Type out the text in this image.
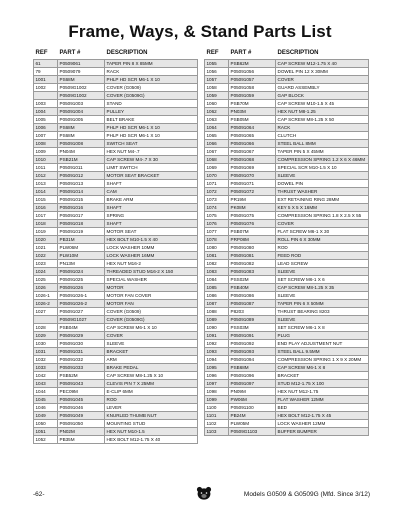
Frame, Ways, & Stand Parts List
REF	PART #	DESCRIPTION
61	P0509061	TAPER PIN 8 X 85MM
79	P0509079	RACK
1001	PS68M	PHLP HD SCR M6-1 X 10
1002	P0509G1002	COVER (G0509)
	P0509G1002	COVER (G0509G)
1003	P05091003	STAND
1004	P05091004	PULLEY
1005	P05091005	BELT BRAKE
1006	PS68M	PHLP HD SCR M6-1 X 10
1007	PS68M	PHLP HD SCR M6-1 X 10
1008	P05091008	SWITCH SEAT
1009	PN04M	HEX NUT M4-.7
1010	PSB21M	CAP SCREW M4-.7 X 30
1011	P05091011	LIMIT SWITCH
1012	P05091012	MOTOR SEAT BRACKET
1013	P05091013	SHAFT
1014	P05091014	CAM
1015	P05091015	BRAKE ARM
1016	P05091016	SHAFT
1017	P05091017	SPRING
1018	P05091018	SHAFT
1019	P05091019	MOTOR SEAT
1020	PB31M	HEX BOLT M10-1.5 X 40
1021	PLW06M	LOCK WASHER 10MM
1022	PLW10M	LOCK WASHER 16MM
1023	PN13M	HEX NUT M16-2
1024	P05091024	THREADED STUD M16-2 X 150
1025	P05091025	SPECIAL WASHER
1026	P05091026	MOTOR
1026-1	P05091026-1	MOTOR FAN COVER
1026-2	P05091026-2	MOTOR FAN
1027	P05091027	COVER (G0509)
	P0509G1027	COVER (G0509G)
1028	PSB04M	CAP SCREW M6-1 X 10
1029	P05091029	COVER
1030	P05091030	SLEEVE
1031	P05091031	BRACKET
1032	P05091032	ARM
1033	P05091033	BRAKE PEDAL
1042	PSB52M	CAP SCREW M8-1.25 X 10
1043	P05091043	CLEVIS PIN 7 X 25MM
1044	PEC09M	E-CLIP 6MM
1045	P05091045	ROD
1046	P05091046	LEVER
1049	P05091049	KNURLED THUMB NUT
1050	P05091050	MOUNTING STUD
1051	PN02M	HEX NUT M10-1.5
1052	PB35M	HEX BOLT M12-1.75 X 40
REF	PART #	DESCRIPTION
1055	PSB62M	CAP SCREW M12-1.75 X 40
1056	P05091056	DOWEL PIN 12 X 30MM
1057	P05091057	COVER
1058	P05091058	GUARD ASSEMBLY
1059	P05091059	GAP BLOCK
1060	PSB70M	CAP SCREW M10-1.5 X 45
1062	PN03M	HEX NUT M8-1.25
1063	PSB05M	CAP SCREW M8-1.25 X 50
1064	P05091064	RACK
1065	P05091065	CLUTCH
1066	P05091066	STEEL BALL 8MM
1067	P05091067	TAPER PIN 5 X 45MM
1068	P05091068	COMPRESSION SPRING 1.2 X 6 X 46MM
1069	P05091069	SPECIAL SCR M10-1.5 X 10
1070	P05091070	SLEEVE
1071	P05091071	DOWEL PIN
1072	P05091072	THRUST WASHER
1073	PR19M	EXT RETAINING RING 28MM
1074	PK08M	KEY 5 X 5 X 16MM
1075	P05091075	COMPRESSION SPRING 1.8 X 2.5 X 55
1076	P05091076	COVER
1077	PSB07M	FLAT SCREW M6-1 X 30
1078	PRP08M	ROLL PIN 6 X 30MM
1080	P05091080	ROD
1081	P05091081	FEED ROD
1082	P05091082	LEAD SCREW
1083	P05091083	SLEEVE
1084	PSS02M	SET SCREW M6-1 X 6
1085	PSB40M	CAP SCREW M8-1.25 X 35
1086	P05091086	SLEEVE
1087	P05091087	TAPER PIN 6 X 50MM
1088	P8203	THRUST BEARING 8203
1089	P05091089	SLEEVE
1090	PSS03M	SET SCREW M6-1 X 8
1091	P05091091	PLUG
1092	P05091092	END PLAY ADJUSTMENT NUT
1093	P05091093	STEEL BALL 9.5MM
1094	P05091094	COMPRESSION SPRING 1 X 9 X 20MM
1095	PSB68M	CAP SCREW M6-1 X 8
1096	P05091096	BRACKET
1097	P05091097	STUD M12-1.75 X 100
1098	PN09M	HEX NUT M12-1.75
1099	PW06M	FLAT WASHER 12MM
1100	P05091100	BED
1101	PB24M	HEX BOLT M12-1.75 X 45
1102	PLW05M	LOCK WASHER 12MM
1103	P0509G1103	BUFFER BUMPER
-62-	Models G0509 & G0509G (Mfd. Since 3/12)
